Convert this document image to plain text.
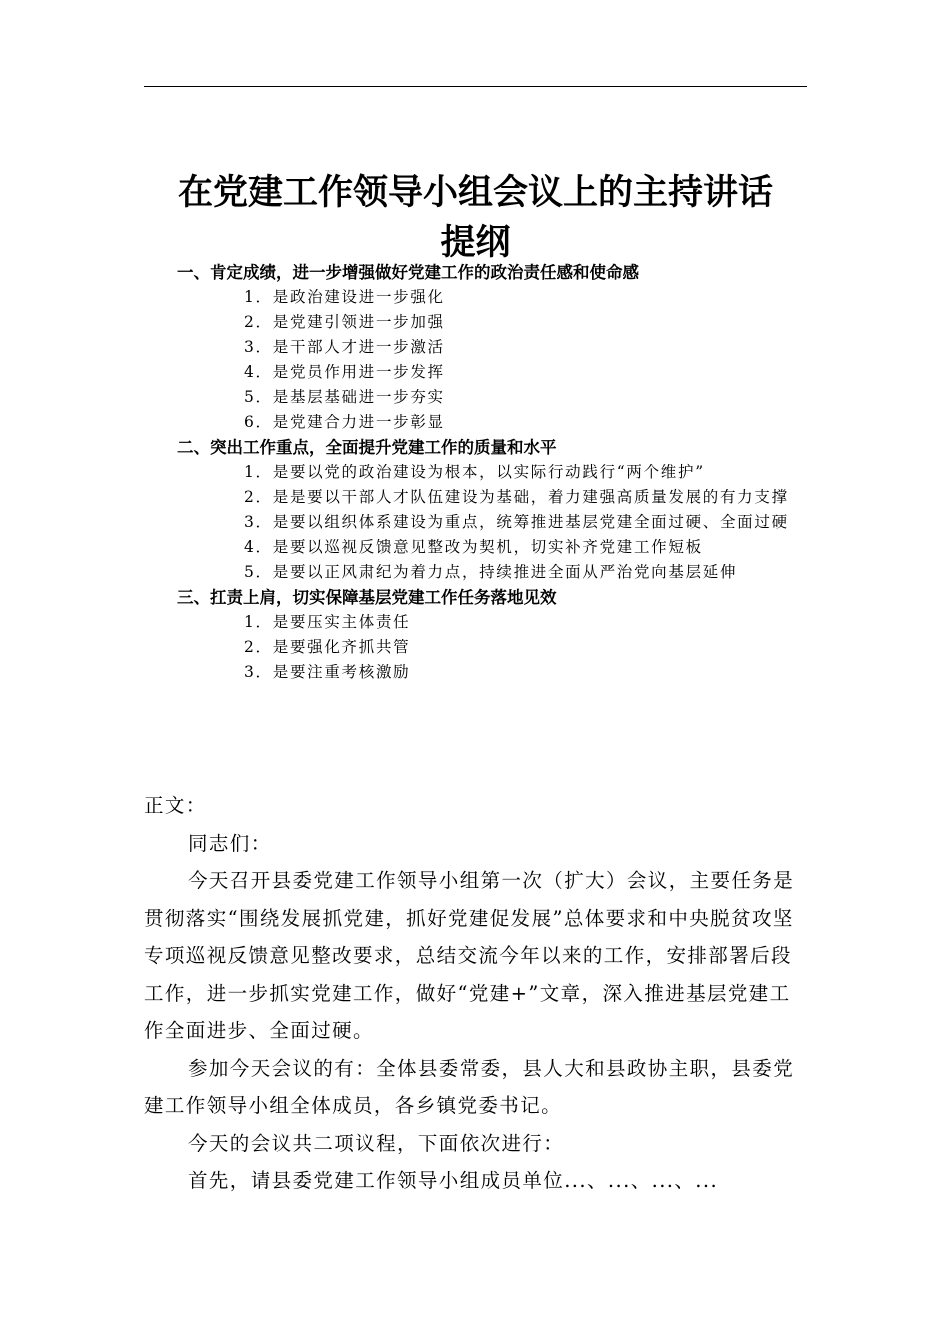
在党建工作领导小组会议上的主持讲话
提纲
一、肯定成绩，进一步增强做好党建工作的政治责任感和使命感
1．是政治建设进一步强化
2．是党建引领进一步加强
3．是干部人才进一步激活
4．是党员作用进一步发挥
5．是基层基础进一步夯实
6．是党建合力进一步彰显
二、突出工作重点，全面提升党建工作的质量和水平
1．是要以党的政治建设为根本，以实际行动践行“两个维护”
2．是是要以干部人才队伍建设为基础，着力建强高质量发展的有力支撑
3．是要以组织体系建设为重点，统筹推进基层党建全面过硬、全面过硬
4．是要以巡视反馈意见整改为契机，切实补齐党建工作短板
5．是要以正风肃纪为着力点，持续推进全面从严治党向基层延伸
三、扛责上肩，切实保障基层党建工作任务落地见效
1．是要压实主体责任
2．是要强化齐抓共管
3．是要注重考核激励

正文：

同志们：

今天召开县委党建工作领导小组第一次（扩大）会议，主要任务是贯彻落实“围绕发展抓党建，抓好党建促发展”总体要求和中央脱贫攻坚专项巡视反馈意见整改要求，总结交流今年以来的工作，安排部署后段工作，进一步抓实党建工作，做好“党建+”文章，深入推进基层党建工作全面进步、全面过硬。

参加今天会议的有：全体县委常委，县人大和县政协主职，县委党建工作领导小组全体成员，各乡镇党委书记。

今天的会议共二项议程，下面依次进行：

首先，请县委党建工作领导小组成员单位...、...、...、...
